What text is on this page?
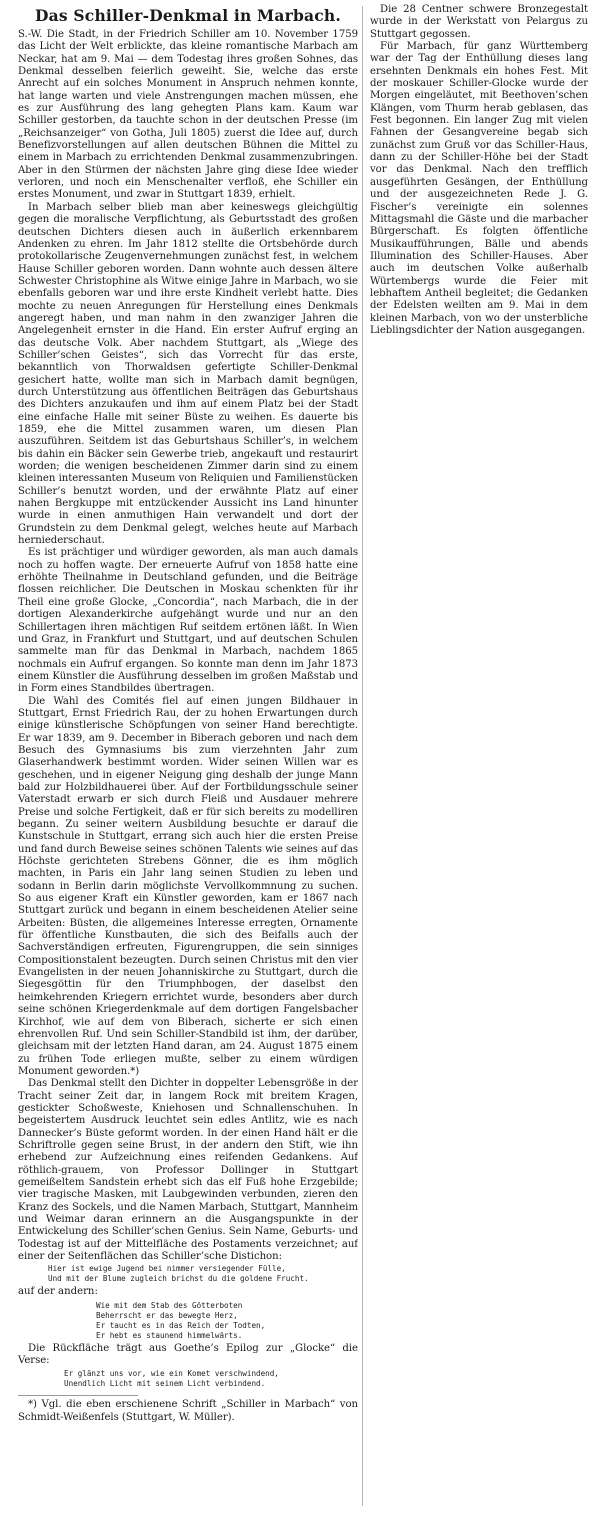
Das Schiller-Denkmal in Marbach.

S.-W. Die Stadt, in der Friedrich Schiller am 10. November 1759 das Licht der Welt erblickte, das kleine romantische Marbach am Neckar, hat am 9. Mai — dem Todestag ihres großen Sohnes, das Denkmal desselben feierlich geweiht. Sie, welche das erste Anrecht auf ein solches Monument in Anspruch nehmen konnte, hat lange warten und viele Anstrengungen machen müssen, ehe es zur Ausführung des lang gehegten Plans kam. Kaum war Schiller gestorben, da tauchte schon in der deutschen Presse (im „Reichsanzeiger“ von Gotha, Juli 1805) zuerst die Idee auf, durch Benefizvorstellungen auf allen deutschen Bühnen die Mittel zu einem in Marbach zu errichtenden Denkmal zusammenzubringen. Aber in den Stürmen der nächsten Jahre ging diese Idee wieder verloren, und noch ein Menschenalter verfloß, ehe Schiller ein erstes Monument, und zwar in Stuttgart 1839, erhielt.

In Marbach selber blieb man aber keineswegs gleichgültig gegen die moralische Verpflichtung, als Geburtsstadt des großen deutschen Dichters diesen auch in äußerlich erkennbarem Andenken zu ehren. Im Jahr 1812 stellte die Ortsbehörde durch protokollarische Zeugenvernehmungen zunächst fest, in welchem Hause Schiller geboren worden. Dann wohnte auch dessen ältere Schwester Christophine als Witwe einige Jahre in Marbach, wo sie ebenfalls geboren war und ihre erste Kindheit verlebt hatte. Dies mochte zu neuen Anregungen für Herstellung eines Denkmals angeregt haben, und man nahm in den zwanziger Jahren die Angelegenheit ernster in die Hand. Ein erster Aufruf erging an das deutsche Volk. Aber nachdem Stuttgart, als „Wiege des Schiller’schen Geistes“, sich das Vorrecht für das erste, bekanntlich von Thorwaldsen gefertigte Schiller-Denkmal gesichert hatte, wollte man sich in Marbach damit begnügen, durch Unterstützung aus öffentlichen Beiträgen das Geburtshaus des Dichters anzukaufen und ihm auf einem Platz bei der Stadt eine einfache Halle mit seiner Büste zu weihen. Es dauerte bis 1859, ehe die Mittel zusammen waren, um diesen Plan auszuführen. Seitdem ist das Geburtshaus Schiller’s, in welchem bis dahin ein Bäcker sein Gewerbe trieb, angekauft und restaurirt worden; die wenigen bescheidenen Zimmer darin sind zu einem kleinen interessanten Museum von Reliquien und Familienstücken Schiller’s benutzt worden, und der erwähnte Platz auf einer nahen Bergkuppe mit entzückender Aussicht ins Land hinunter wurde in einen anmuthigen Hain verwandelt und dort der Grundstein zu dem Denkmal gelegt, welches heute auf Marbach herniederschaut.

Es ist prächtiger und würdiger geworden, als man auch damals noch zu hoffen wagte. Der erneuerte Aufruf von 1858 hatte eine erhöhte Theilnahme in Deutschland gefunden, und die Beiträge flossen reichlicher. Die Deutschen in Moskau schenkten für ihr Theil eine große Glocke, „Concordia“, nach Marbach, die in der dortigen Alexanderkirche aufgehängt wurde und nur an den Schillertagen ihren mächtigen Ruf seitdem ertönen läßt. In Wien und Graz, in Frankfurt und Stuttgart, und auf deutschen Schulen sammelte man für das Denkmal in Marbach, nachdem 1865 nochmals ein Aufruf ergangen. So konnte man denn im Jahr 1873 einem Künstler die Ausführung desselben im großen Maßstab und in Form eines Standbildes übertragen.

Die Wahl des Comités fiel auf einen jungen Bildhauer in Stuttgart, Ernst Friedrich Rau, der zu hohen Erwartungen durch einige künstlerische Schöpfungen von seiner Hand berechtigte. Er war 1839, am 9. December in Biberach geboren und nach dem Besuch des Gymnasiums bis zum vierzehnten Jahr zum Glaserhandwerk bestimmt worden. Wider seinen Willen war es geschehen, und in eigener Neigung ging deshalb der junge Mann bald zur Holzbildhauerei über. Auf der Fortbildungsschule seiner Vaterstadt erwarb er sich durch Fleiß und Ausdauer mehrere Preise und solche Fertigkeit, daß er für sich bereits zu modelliren begann. Zu seiner weitern Ausbildung besuchte er darauf die Kunstschule in Stuttgart, errang sich auch hier die ersten Preise und fand durch Beweise seines schönen Talents wie seines auf das Höchste gerichteten Strebens Gönner, die es ihm möglich machten, in Paris ein Jahr lang seinen Studien zu leben und sodann in Berlin darin möglichste Vervollkommnung zu suchen. So aus eigener Kraft ein Künstler geworden, kam er 1867 nach Stuttgart zurück und begann in einem bescheidenen Atelier seine Arbeiten: Büsten, die allgemeines Interesse erregten, Ornamente für öffentliche Kunstbauten, die sich des Beifalls auch der Sachverständigen erfreuten, Figurengruppen, die sein sinniges Compositionstalent bezeugten. Durch seinen Christus mit den vier Evangelisten in der neuen Johanniskirche zu Stuttgart, durch die Siegesgöttin für den Triumphbogen, der daselbst den heimkehrenden Kriegern errichtet wurde, besonders aber durch seine schönen Kriegerdenkmale auf dem dortigen Fangelsbacher Kirchhof, wie auf dem von Biberach, sicherte er sich einen ehrenvollen Ruf. Und sein Schiller-Standbild ist ihm, der darüber, gleichsam mit der letzten Hand daran, am 24. August 1875 einem zu frühen Tode erliegen mußte, selber zu einem würdigen Monument geworden.*)

Das Denkmal stellt den Dichter in doppelter Lebensgröße in der Tracht seiner Zeit dar, in langem Rock mit breitem Kragen, gestickter Schoßweste, Kniehosen und Schnallenschuhen. In begeistertem Ausdruck leuchtet sein edles Antlitz, wie es nach Dannecker’s Büste geformt worden. In der einen Hand hält er die Schriftrolle gegen seine Brust, in der andern den Stift, wie ihn erhebend zur Aufzeichnung eines reifenden Gedankens. Auf röthlich-grauem, von Professor Dollinger in Stuttgart gemeißeltem Sandstein erhebt sich das elf Fuß hohe Erzgebilde; vier tragische Masken, mit Laubgewinden verbunden, zieren den Kranz des Sockels, und die Namen Marbach, Stuttgart, Mannheim und Weimar daran erinnern an die Ausgangspunkte in der Entwickelung des Schiller’schen Genius. Sein Name, Geburts- und Todestag ist auf der Mittelfläche des Postaments verzeichnet; auf einer der Seitenflächen das Schiller’sche Distichon:

Hier ist ewige Jugend bei nimmer versiegender Fülle,
Und mit der Blume zugleich brichst du die goldene Frucht.
auf der andern:
Wie mit dem Stab des Götterboten
Beherrscht er das bewegte Herz,
Er taucht es in das Reich der Todten,
Er hebt es staunend himmelwärts.

Die Rückfläche trägt aus Goethe’s Epilog zur „Glocke“ die Verse:

Er glänzt uns vor, wie ein Komet verschwindend,
Unendlich Licht mit seinem Licht verbindend.

*) Vgl. die eben erschienene Schrift „Schiller in Marbach“ von Schmidt-Weißenfels (Stuttgart, W. Müller).

Die 28 Centner schwere Bronzegestalt wurde in der Werkstatt von Pelargus zu Stuttgart gegossen.

Für Marbach, für ganz Württemberg war der Tag der Enthüllung dieses lang ersehnten Denkmals ein hohes Fest. Mit der moskauer Schiller-Glocke wurde der Morgen eingeläutet, mit Beethoven’schen Klängen, vom Thurm herab geblasen, das Fest begonnen. Ein langer Zug mit vielen Fahnen der Gesangvereine begab sich zunächst zum Gruß vor das Schiller-Haus, dann zu der Schiller-Höhe bei der Stadt vor das Denkmal. Nach den trefflich ausgeführten Gesängen, der Enthüllung und der ausgezeichneten Rede J. G. Fischer’s vereinigte ein solennes Mittagsmahl die Gäste und die marbacher Bürgerschaft. Es folgten öffentliche Musikaufführungen, Bälle und abends Illumination des Schiller-Hauses. Aber auch im deutschen Volke außerhalb Würtembergs wurde die Feier mit lebhaftem Antheil begleitet; die Gedanken der Edelsten weilten am 9. Mai in dem kleinen Marbach, von wo der unsterbliche Lieblingsdichter der Nation ausgegangen.
